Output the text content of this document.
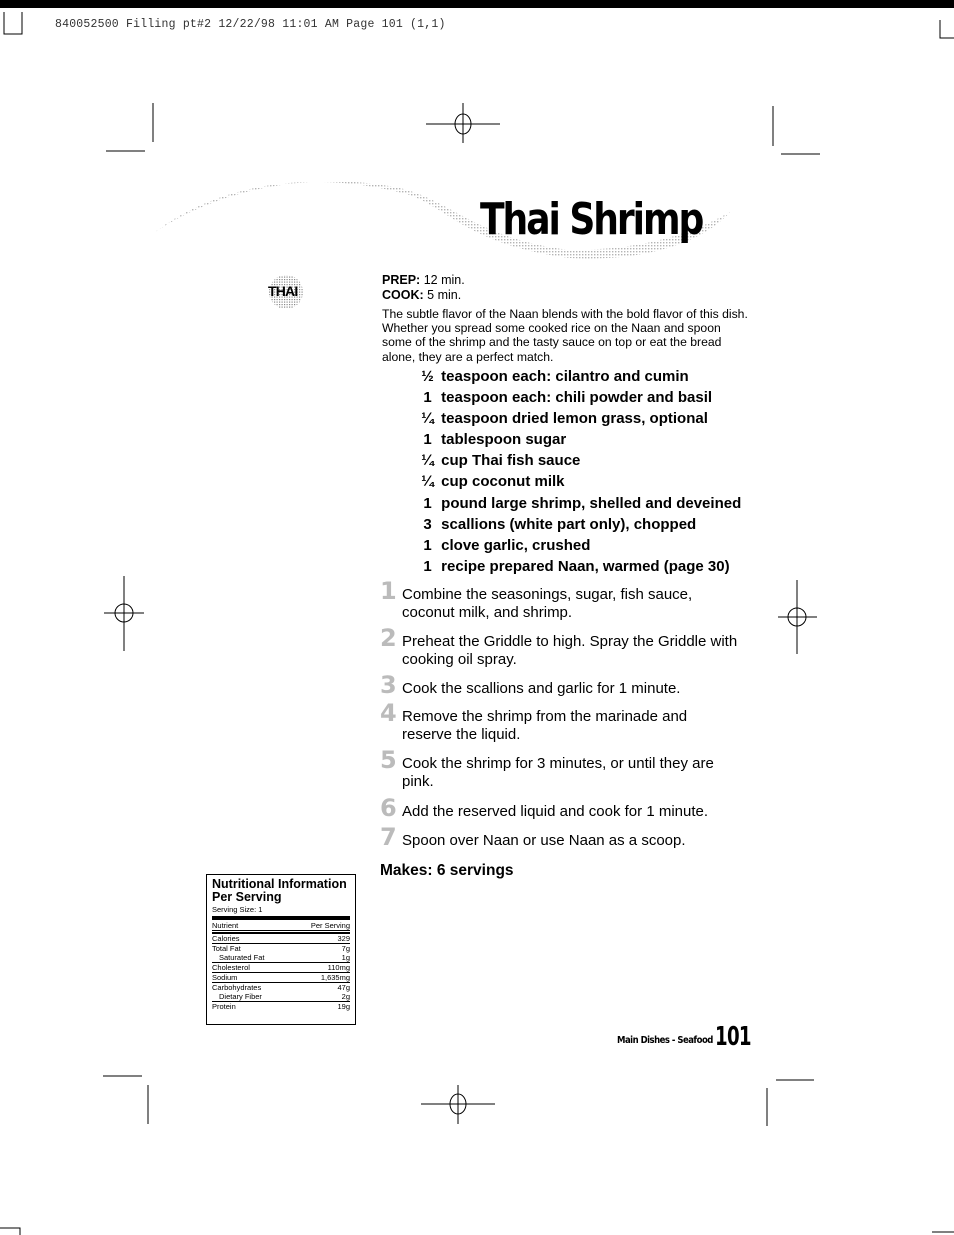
840052500 Filling pt#2 12/22/98 11:01 AM Page 101 (1,1)
Thai Shrimp
THAI
PREP: 12 min.
COOK: 5 min.
The subtle flavor of the Naan blends with the bold flavor of this dish. Whether you spread some cooked rice on the Naan and spoon some of the shrimp and the tasty sauce on top or eat the bread alone, they are a perfect match.
½ teaspoon each: cilantro and cumin
1 teaspoon each: chili powder and basil
¼ teaspoon dried lemon grass, optional
1 tablespoon sugar
¼ cup Thai fish sauce
¼ cup coconut milk
1 pound large shrimp, shelled and deveined
3 scallions (white part only), chopped
1 clove garlic, crushed
1 recipe prepared Naan, warmed (page 30)
1 Combine the seasonings, sugar, fish sauce, coconut milk, and shrimp.
2 Preheat the Griddle to high. Spray the Griddle with cooking oil spray.
3 Cook the scallions and garlic for 1 minute.
4 Remove the shrimp from the marinade and reserve the liquid.
5 Cook the shrimp for 3 minutes, or until they are pink.
6 Add the reserved liquid and cook for 1 minute.
7 Spoon over Naan or use Naan as a scoop.
Makes: 6 servings
Nutritional Information
Per Serving
Serving Size: 1
Nutrient	Per Serving
Calories	329
Total Fat	7g
Saturated Fat	1g
Cholesterol	110mg
Sodium	1,635mg
Carbohydrates	47g
Dietary Fiber	2g
Protein	19g
Main Dishes - Seafood 101
